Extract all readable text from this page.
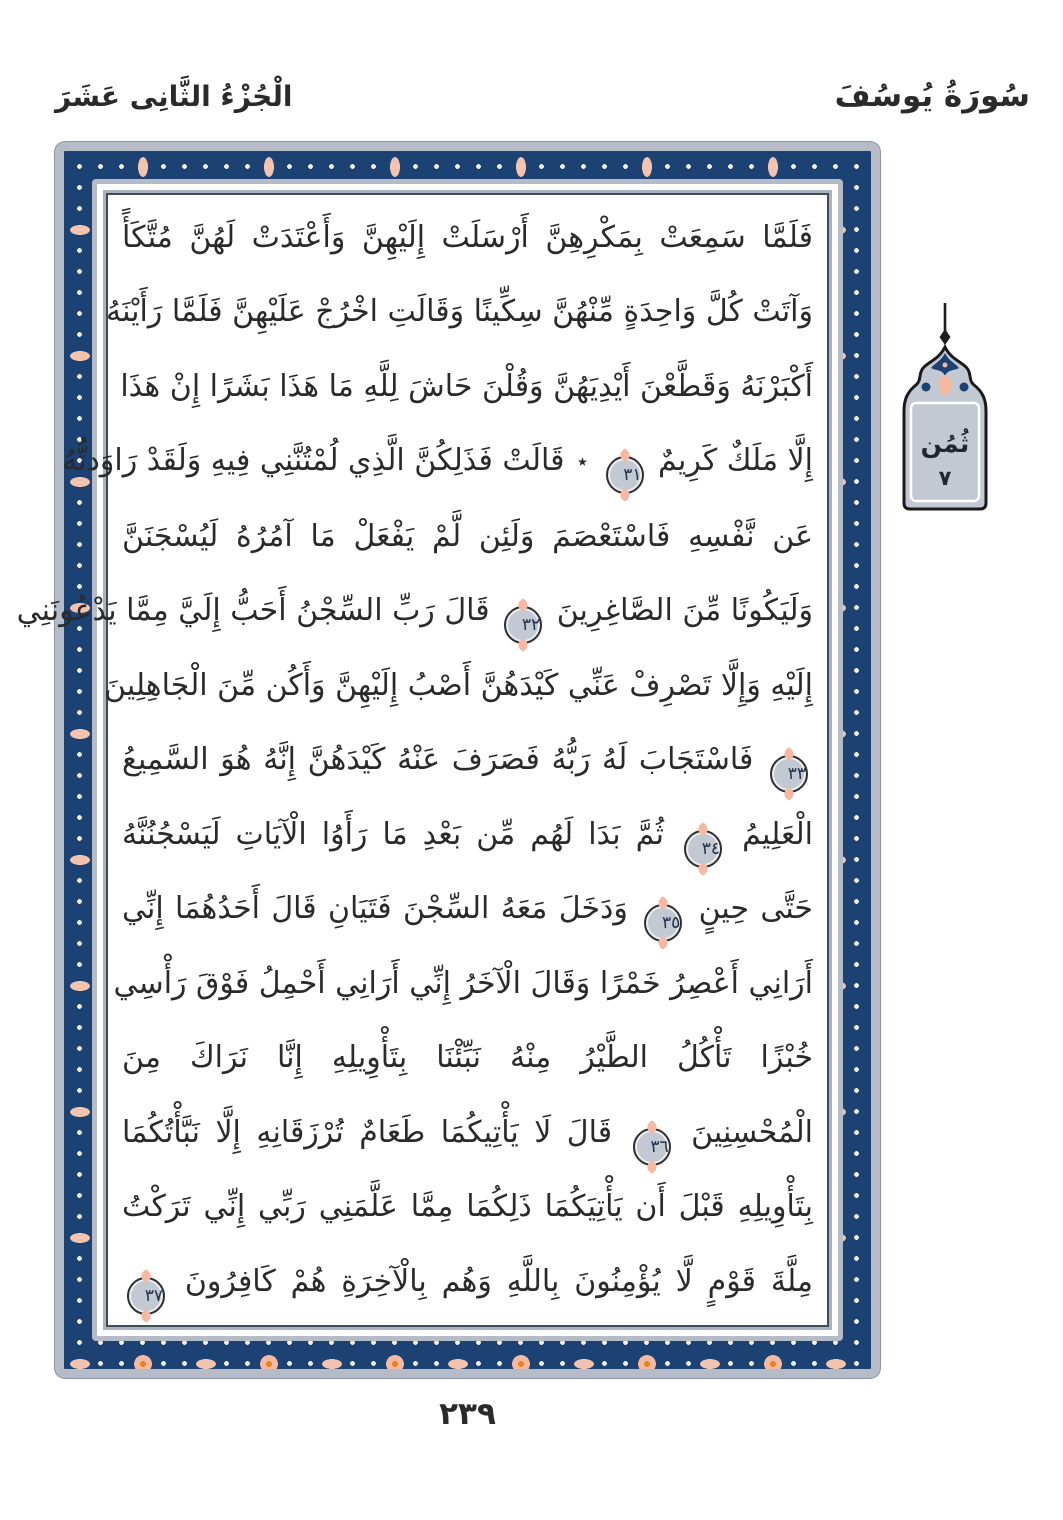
الْجُزْءُ الثَّانِى عَشَرَ	سُورَةُ يُوسُفَ
فَلَمَّا سَمِعَتْ بِمَكْرِهِنَّ أَرْسَلَتْ إِلَيْهِنَّ وَأَعْتَدَتْ لَهُنَّ مُتَّكَأً
وَآتَتْ كُلَّ وَاحِدَةٍ مِّنْهُنَّ سِكِّينًا وَقَالَتِ اخْرُجْ عَلَيْهِنَّ فَلَمَّا رَأَيْنَهُ
أَكْبَرْنَهُ وَقَطَّعْنَ أَيْدِيَهُنَّ وَقُلْنَ حَاشَ لِلَّهِ مَا هَذَا بَشَرًا إِنْ هَذَا
إِلَّا مَلَكٌ كَرِيمٌ ٣١ ٭ قَالَتْ فَذَلِكُنَّ الَّذِي لُمْتُنَّنِي فِيهِ وَلَقَدْ رَاوَدتُّهُ
عَن نَّفْسِهِ فَاسْتَعْصَمَ وَلَئِن لَّمْ يَفْعَلْ مَا آمُرُهُ لَيُسْجَنَنَّ
وَلَيَكُونًا مِّنَ الصَّاغِرِينَ ٣٢ قَالَ رَبِّ السِّجْنُ أَحَبُّ إِلَيَّ مِمَّا يَدْعُونَنِي
إِلَيْهِ وَإِلَّا تَصْرِفْ عَنِّي كَيْدَهُنَّ أَصْبُ إِلَيْهِنَّ وَأَكُن مِّنَ الْجَاهِلِينَ
٣٣ فَاسْتَجَابَ لَهُ رَبُّهُ فَصَرَفَ عَنْهُ كَيْدَهُنَّ إِنَّهُ هُوَ السَّمِيعُ
الْعَلِيمُ ٣٤ ثُمَّ بَدَا لَهُم مِّن بَعْدِ مَا رَأَوُا الْآيَاتِ لَيَسْجُنُنَّهُ
حَتَّى حِينٍ ٣٥ وَدَخَلَ مَعَهُ السِّجْنَ فَتَيَانِ قَالَ أَحَدُهُمَا إِنِّي
أَرَانِي أَعْصِرُ خَمْرًا وَقَالَ الْآخَرُ إِنِّي أَرَانِي أَحْمِلُ فَوْقَ رَأْسِي
خُبْزًا تَأْكُلُ الطَّيْرُ مِنْهُ نَبِّئْنَا بِتَأْوِيلِهِ إِنَّا نَرَاكَ مِنَ
الْمُحْسِنِينَ ٣٦ قَالَ لَا يَأْتِيكُمَا طَعَامٌ تُرْزَقَانِهِ إِلَّا نَبَّأْتُكُمَا
بِتَأْوِيلِهِ قَبْلَ أَن يَأْتِيَكُمَا ذَلِكُمَا مِمَّا عَلَّمَنِي رَبِّي إِنِّي تَرَكْتُ
مِلَّةَ قَوْمٍ لَّا يُؤْمِنُونَ بِاللَّهِ وَهُم بِالْآخِرَةِ هُمْ كَافِرُونَ ٣٧
ثُمُن
٧
٢٣٩
